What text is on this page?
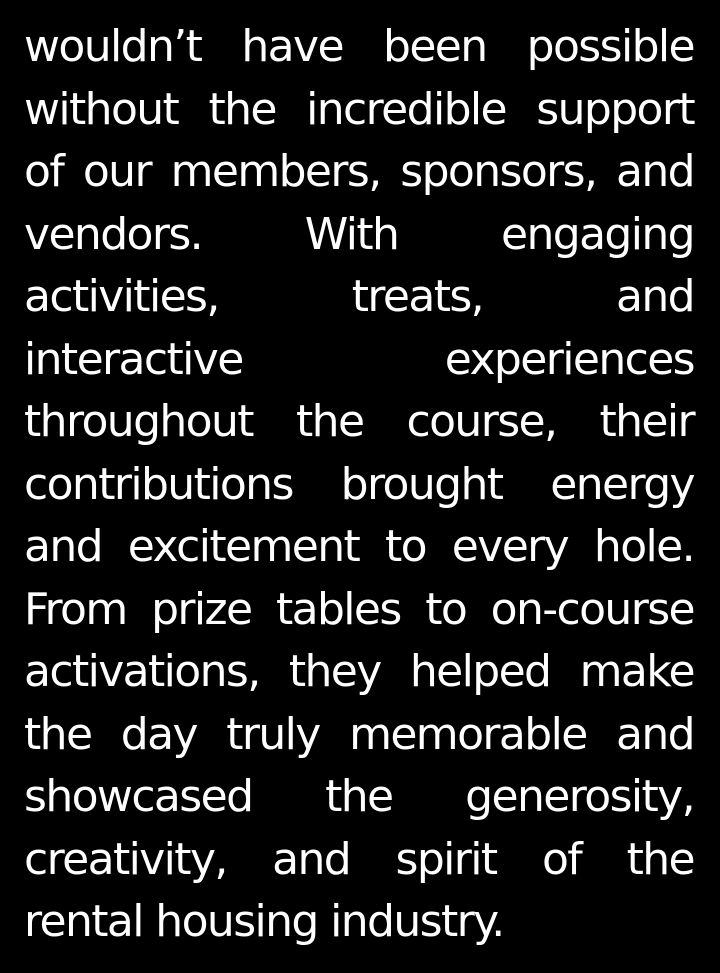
wouldn’t have been possible
without the incredible support
of our members, sponsors, and
vendors. With engaging
activities, treats, and
interactive experiences
throughout the course, their
contributions brought energy
and excitement to every hole.
From prize tables to on-course
activations, they helped make
the day truly memorable and
showcased the generosity,
creativity, and spirit of the
rental housing industry.
